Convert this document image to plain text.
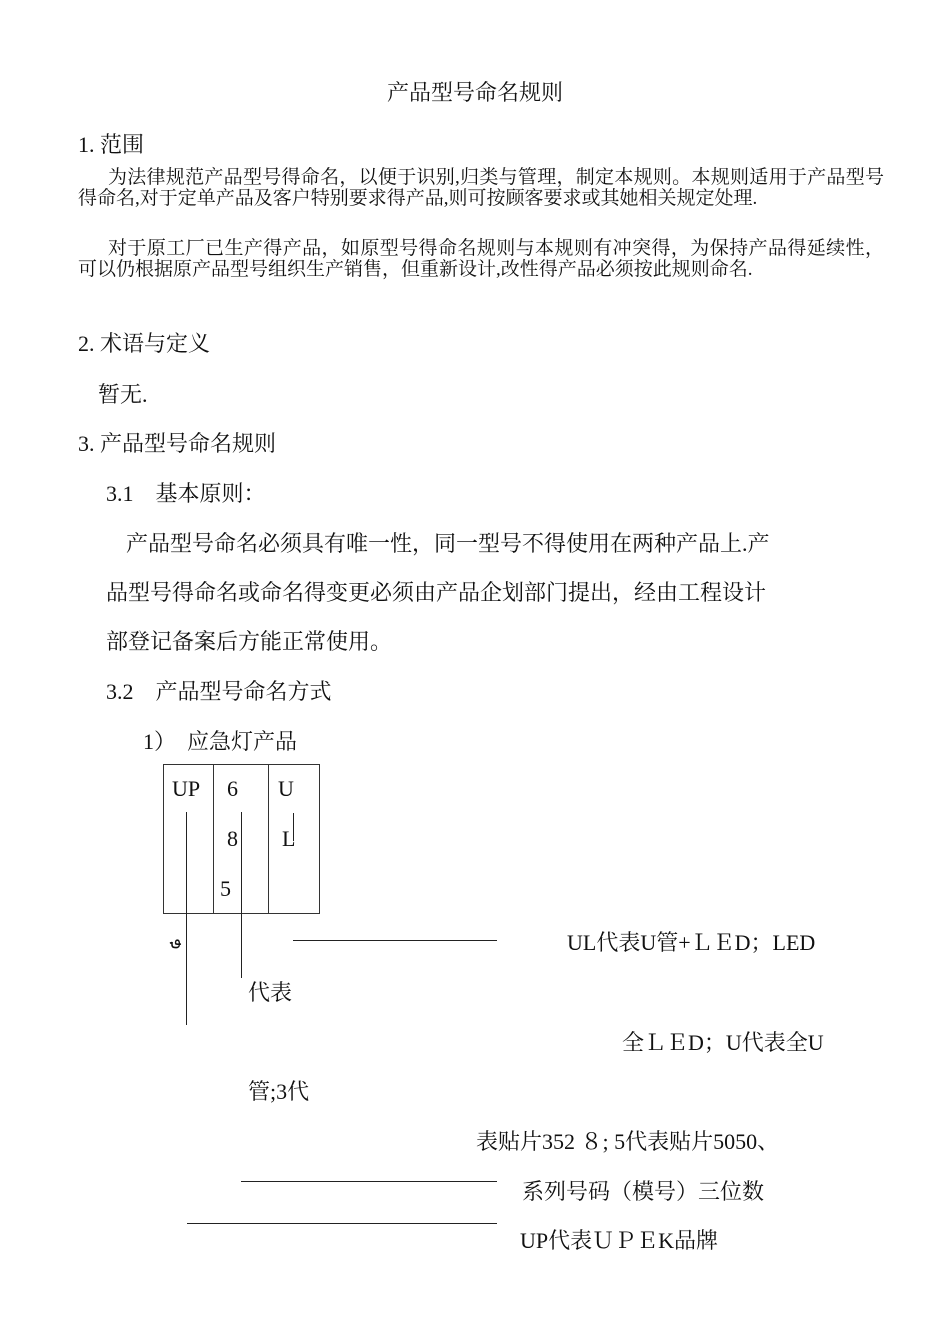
产品型号命名规则
1. 范围
为法律规范产品型号得命名，以便于识别,归类与管理，制定本规则。本规则适用于产品型号得命名,对于定单产品及客户特别要求得产品,则可按顾客要求或其她相关规定处理.
对于原工厂已生产得产品，如原型号得命名规则与本规则有冲突得，为保持产品得延续性，可以仍根据原产品型号组织生产销售，但重新设计,改性得产品必须按此规则命名.
2. 术语与定义
暂无.
3. 产品型号命名规则
3.1　基本原则：
产品型号命名必须具有唯一性，同一型号不得使用在两种产品上.产
品型号得命名或命名得变更必须由产品企划部门提出，经由工程设计
部登记备案后方能正常使用。
3.2　产品型号命名方式
1）　应急灯产品
UP 6
8
5
U
L
؈	UL代表U管+ＬＥD；LED
代表
全ＬＥD；U代表全U
管;3代
表贴片352 ８; 5代表贴片5050、
系列号码（模号）三位数
UP代表ＵＰＥK品牌
